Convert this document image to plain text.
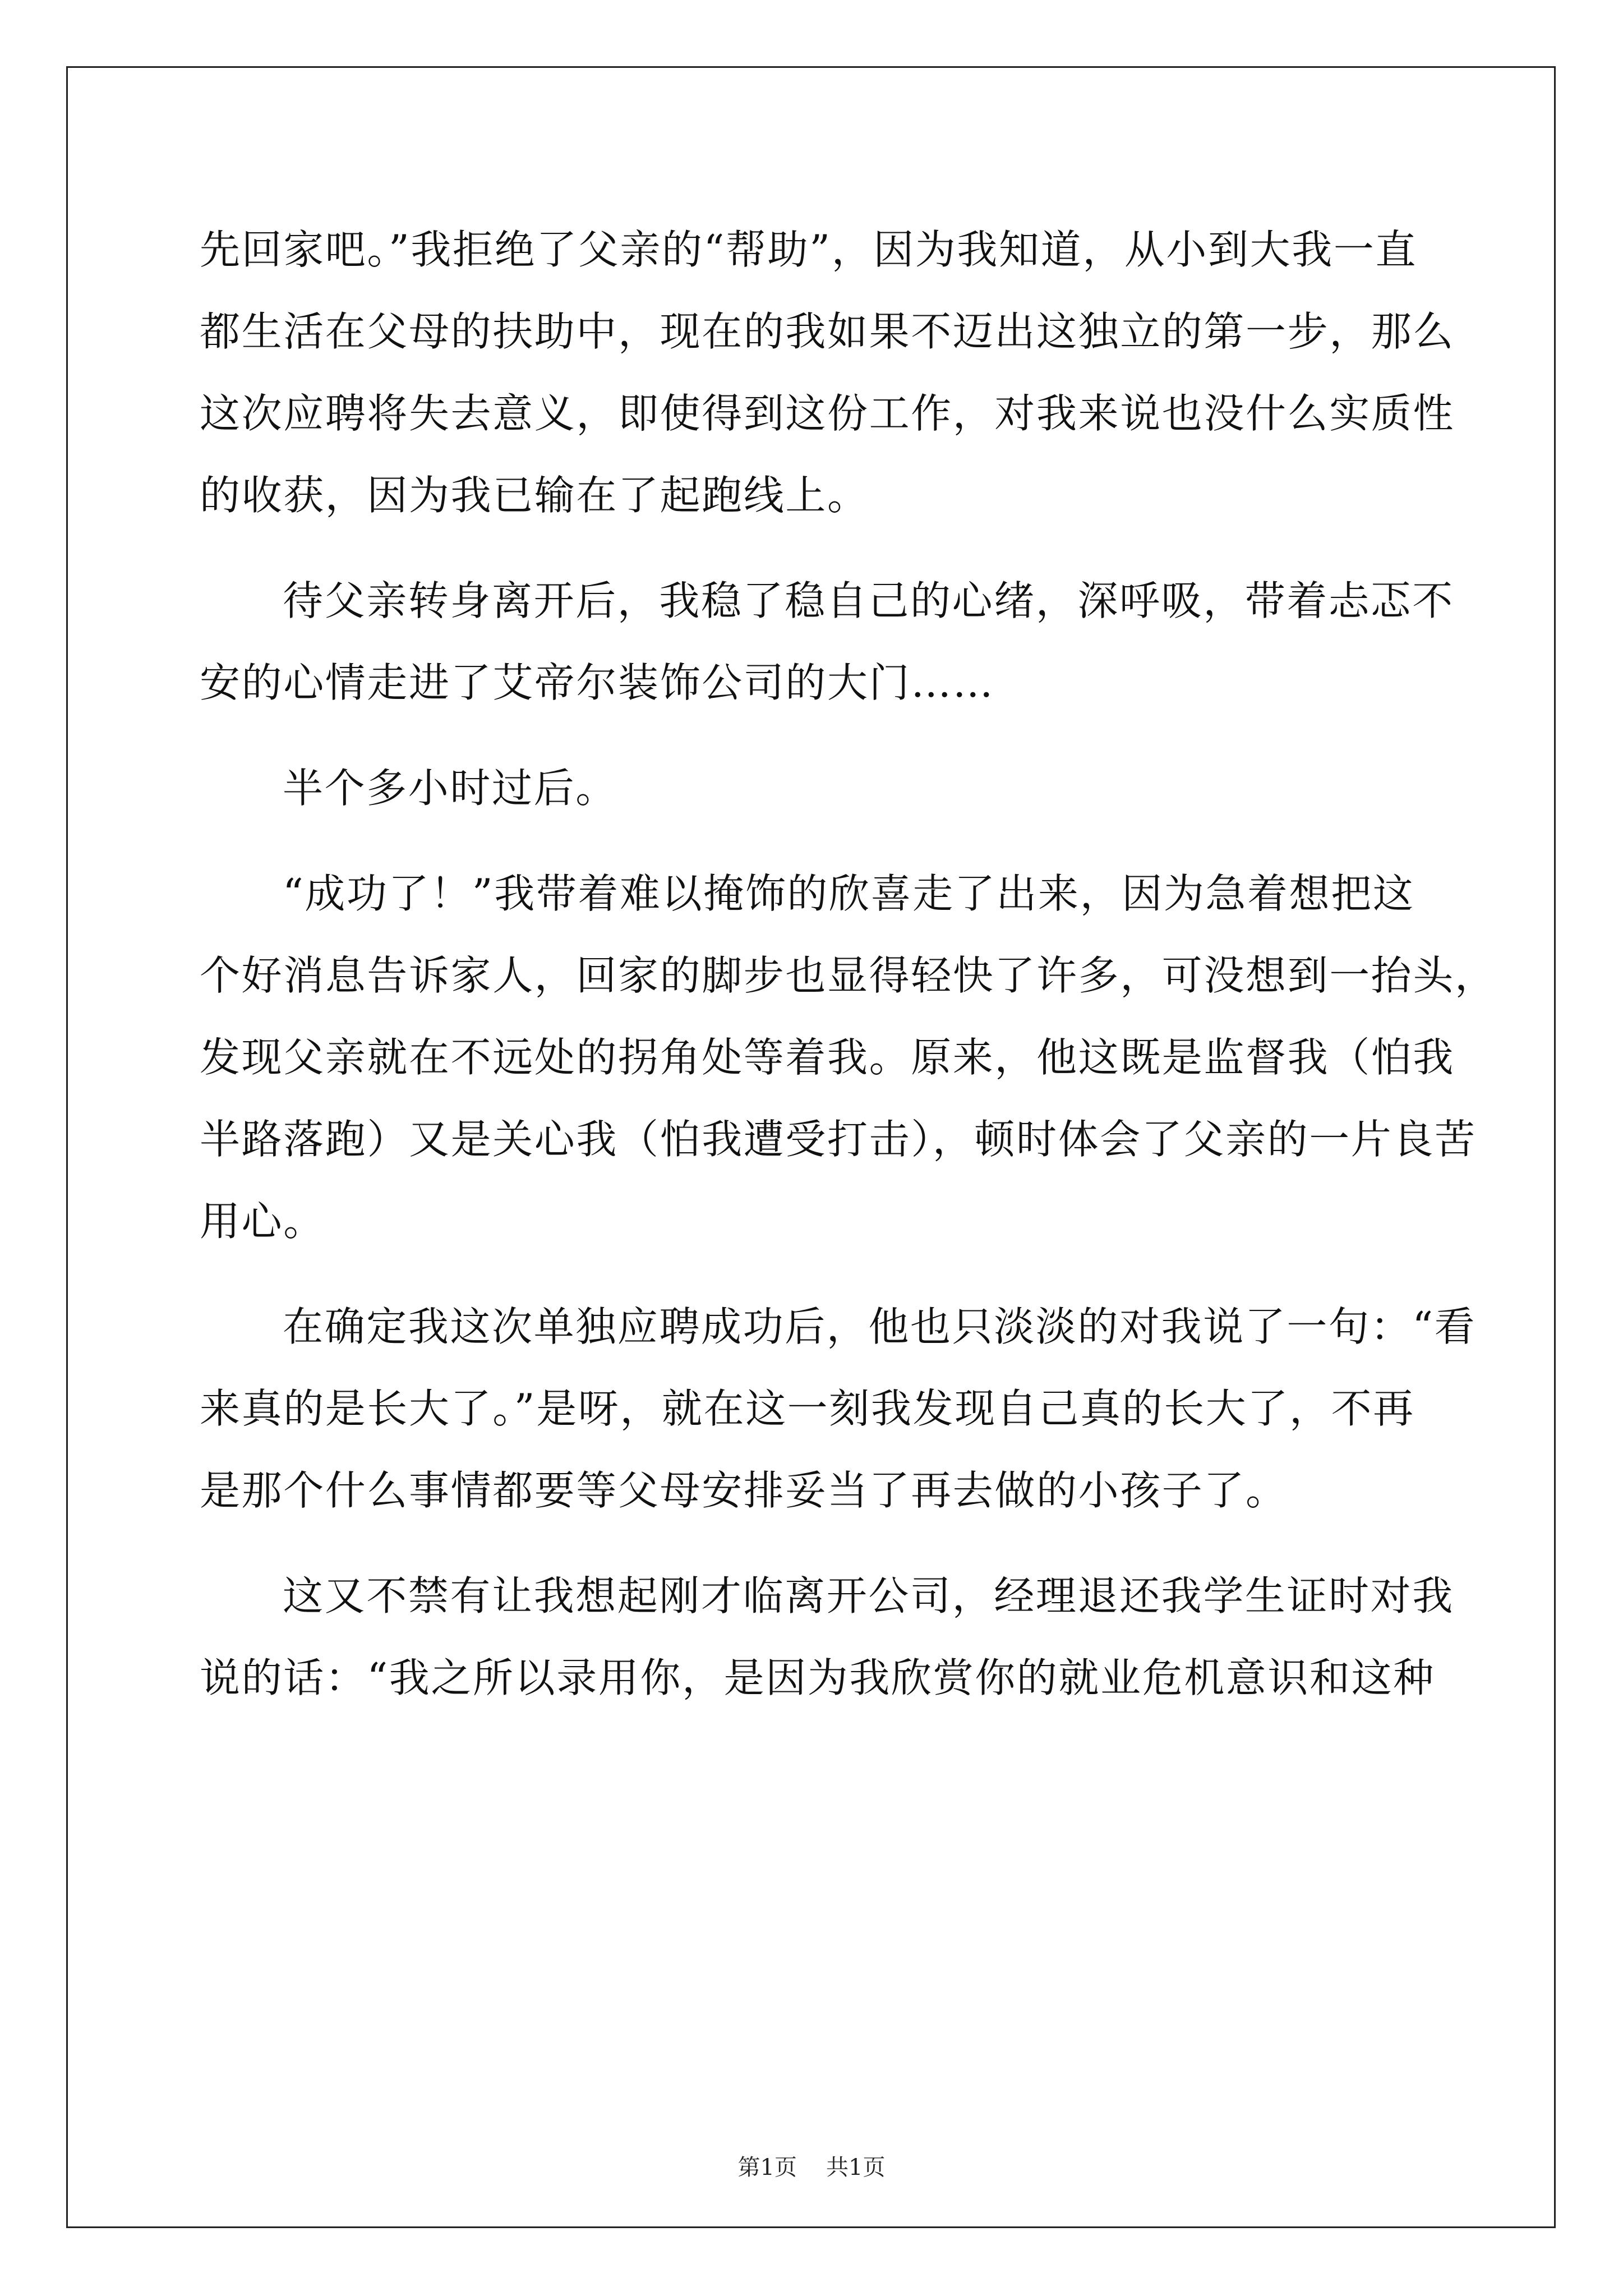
先回家吧。”我拒绝了父亲的“帮助”，因为我知道，从小到大我一直
都生活在父母的扶助中，现在的我如果不迈出这独立的第一步，那么
这次应聘将失去意义，即使得到这份工作，对我来说也没什么实质性
的收获，因为我已输在了起跑线上。
待父亲转身离开后，我稳了稳自己的心绪，深呼吸，带着忐忑不
安的心情走进了艾帝尔装饰公司的大门……
半个多小时过后。
“成功了！”我带着难以掩饰的欣喜走了出来，因为急着想把这
个好消息告诉家人，回家的脚步也显得轻快了许多，可没想到一抬头，
发现父亲就在不远处的拐角处等着我。原来，他这既是监督我（怕我
半路落跑）又是关心我（怕我遭受打击），顿时体会了父亲的一片良苦
用心。
在确定我这次单独应聘成功后，他也只淡淡的对我说了一句：“看
来真的是长大了。”是呀，就在这一刻我发现自己真的长大了，不再
是那个什么事情都要等父母安排妥当了再去做的小孩子了。
这又不禁有让我想起刚才临离开公司，经理退还我学生证时对我
说的话：“我之所以录用你，是因为我欣赏你的就业危机意识和这种
第1页 共1页
